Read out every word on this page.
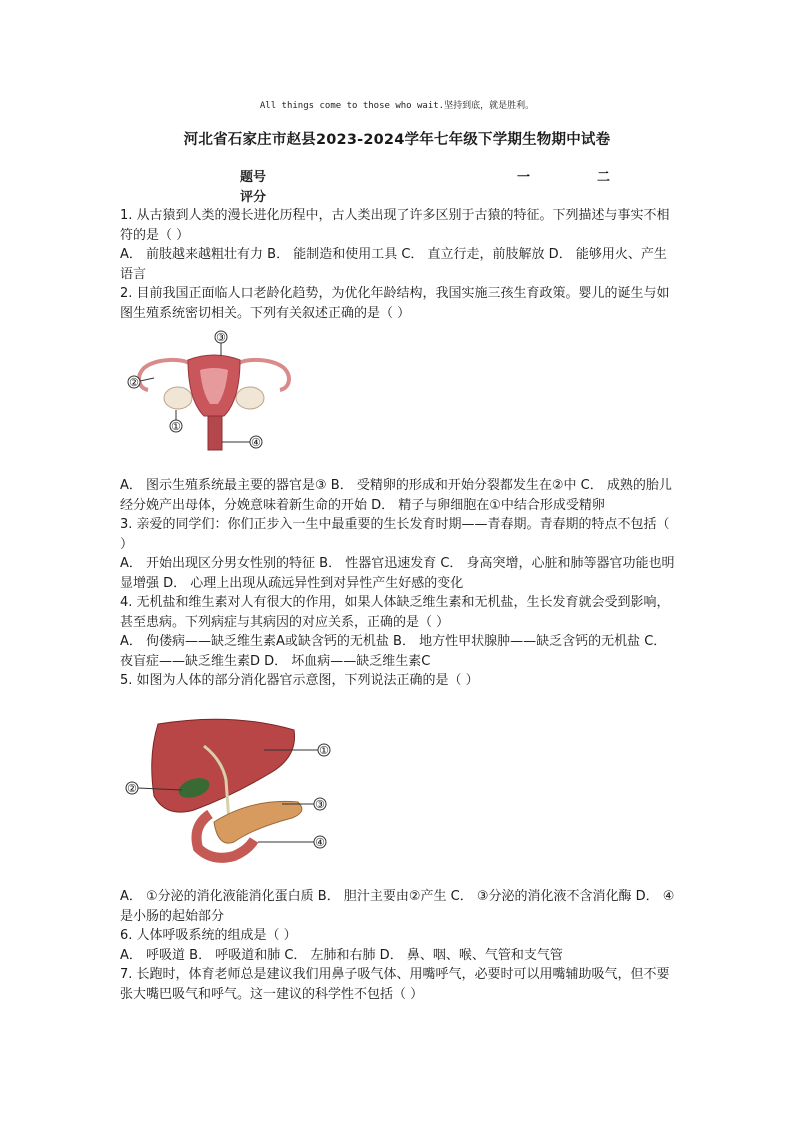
All things come to those who wait.坚持到底，就是胜利。
河北省石家庄市赵县2023-2024学年七年级下学期生物期中试卷
题号	一	二
评分

1. 从古猿到人类的漫长进化历程中，古人类出现了许多区别于古猿的特征。下列描述与事实不相符的是（ ）

A． 前肢越来越粗壮有力 B． 能制造和使用工具 C． 直立行走，前肢解放 D． 能够用火、产生语言

2. 目前我国正面临人口老龄化趋势，为优化年龄结构，我国实施三孩生育政策。婴儿的诞生与如图生殖系统密切相关。下列有关叙述正确的是（ ）

③
②
①
④

A． 图示生殖系统最主要的器官是③ B． 受精卵的形成和开始分裂都发生在②中 C． 成熟的胎儿经分娩产出母体，分娩意味着新生命的开始 D． 精子与卵细胞在①中结合形成受精卵

3. 亲爱的同学们：你们正步入一生中最重要的生长发育时期——青春期。青春期的特点不包括（ ）

A． 开始出现区分男女性别的特征 B． 性器官迅速发育 C． 身高突增，心脏和肺等器官功能也明显增强 D． 心理上出现从疏远异性到对异性产生好感的变化

4. 无机盐和维生素对人有很大的作用，如果人体缺乏维生素和无机盐，生长发育就会受到影响，甚至患病。下列病症与其病因的对应关系，正确的是（ ）

A． 佝偻病——缺乏维生素A或缺含钙的无机盐 B． 地方性甲状腺肿——缺乏含钙的无机盐 C． 夜盲症——缺乏维生素D D． 坏血病——缺乏维生素C

5. 如图为人体的部分消化器官示意图，下列说法正确的是（ ）

①
②
③
④

A． ①分泌的消化液能消化蛋白质 B． 胆汁主要由②产生 C． ③分泌的消化液不含消化酶 D． ④是小肠的起始部分

6. 人体呼吸系统的组成是（ ）

A． 呼吸道 B． 呼吸道和肺 C． 左肺和右肺 D． 鼻、咽、喉、气管和支气管

7. 长跑时，体育老师总是建议我们用鼻子吸气体、用嘴呼气，必要时可以用嘴辅助吸气，但不要张大嘴巴吸气和呼气。这一建议的科学性不包括（ ）
